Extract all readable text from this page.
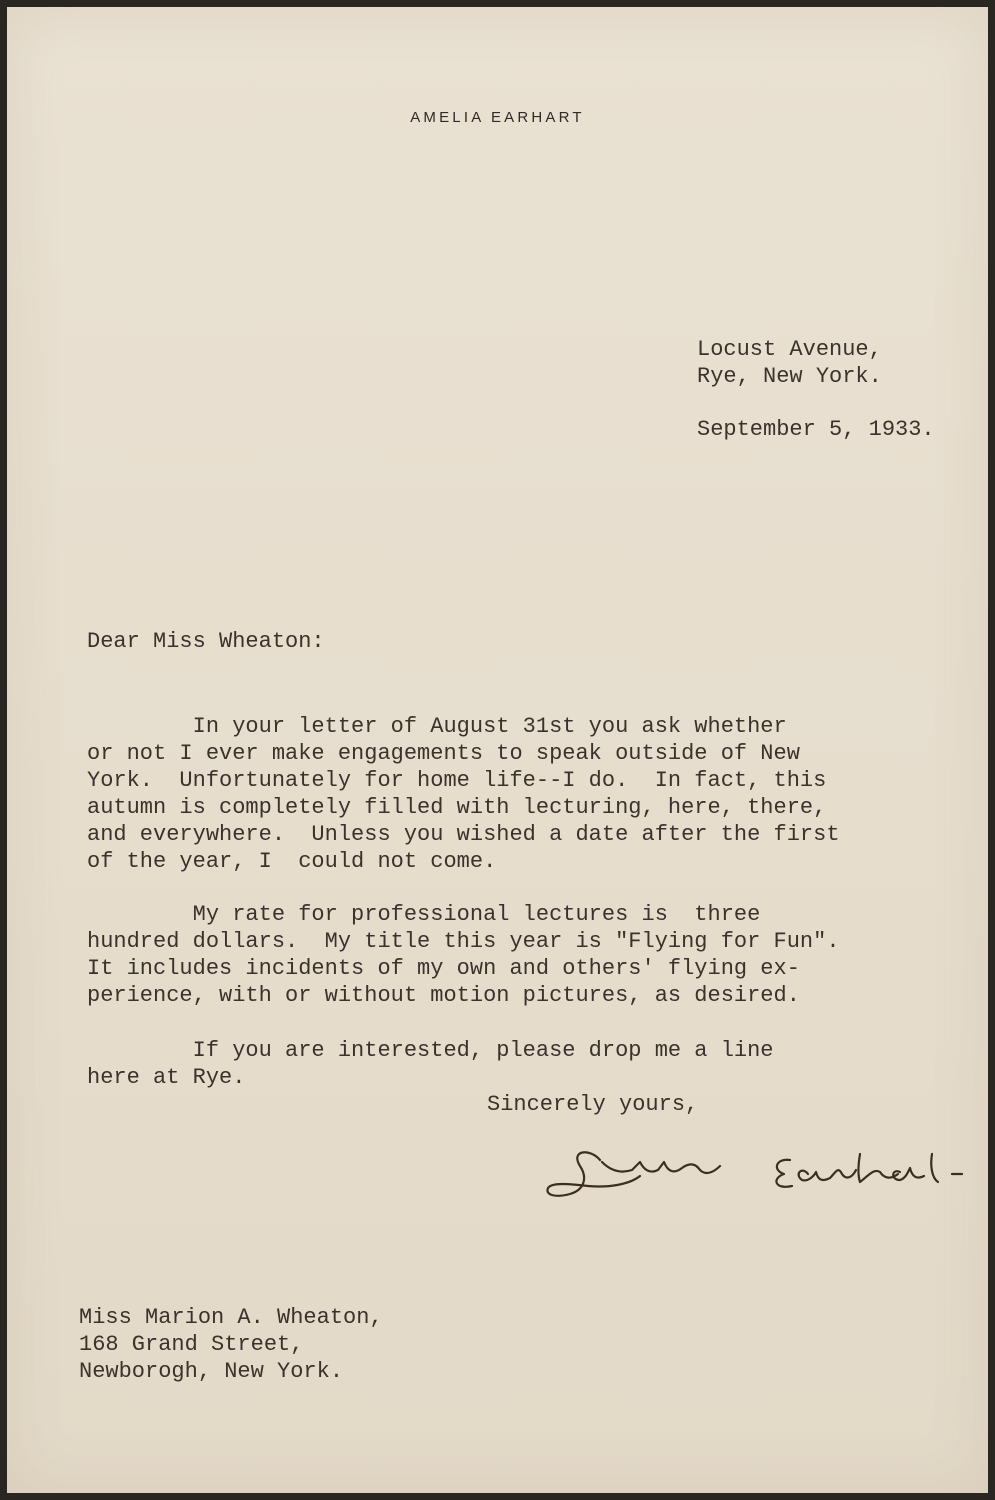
AMELIA EARHART
Locust Avenue,
Rye, New York.
September 5, 1933.
Dear Miss Wheaton:

In your letter of August 31st you ask whether
or not I ever make engagements to speak outside of New
York.  Unfortunately for home life--I do.  In fact, this
autumn is completely filled with lecturing, here, there,
and everywhere.  Unless you wished a date after the first
of the year, I  could not come.

My rate for professional lectures is  three
hundred dollars.  My title this year is "Flying for Fun".
It includes incidents of my own and others' flying ex-
perience, with or without motion pictures, as desired.

If you are interested, please drop me a line
here at Rye.

Sincerely yours,
Miss Marion A. Wheaton,
168 Grand Street,
Newborogh, New York.
